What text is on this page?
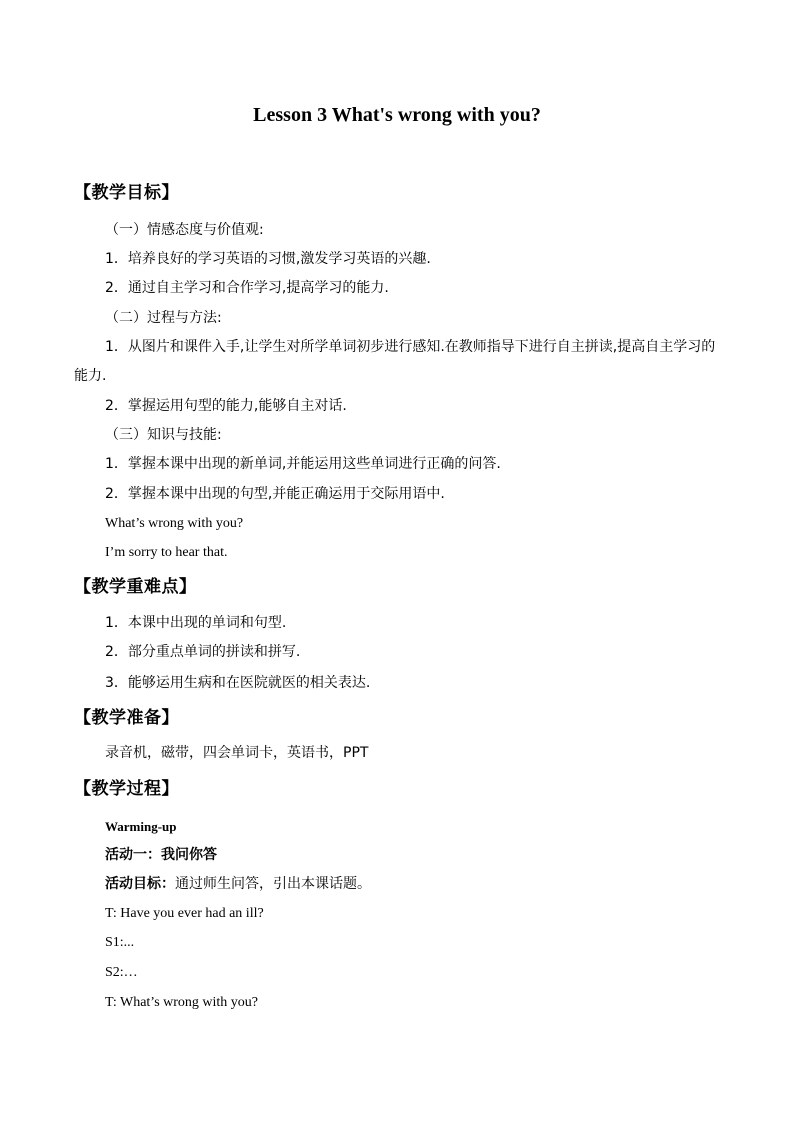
Lesson 3 What's wrong with you?
【教学目标】
（一）情感态度与价值观:
1．培养良好的学习英语的习惯,激发学习英语的兴趣.
2．通过自主学习和合作学习,提高学习的能力.
（二）过程与方法:
1．从图片和课件入手,让学生对所学单词初步进行感知.在教师指导下进行自主拼读,提高自主学习的能力.
2．掌握运用句型的能力,能够自主对话.
（三）知识与技能:
1．掌握本课中出现的新单词,并能运用这些单词进行正确的问答.
2．掌握本课中出现的句型,并能正确运用于交际用语中.
What’s wrong with you?
I’m sorry to hear that.
【教学重难点】
1．本课中出现的单词和句型.
2．部分重点单词的拼读和拼写.
3．能够运用生病和在医院就医的相关表达.
【教学准备】
录音机，磁带，四会单词卡，英语书，PPT
【教学过程】
Warming-up
活动一：我问你答
活动目标：通过师生问答，引出本课话题。
T: Have you ever had an ill?
S1:...
S2:…
T: What’s wrong with you?
